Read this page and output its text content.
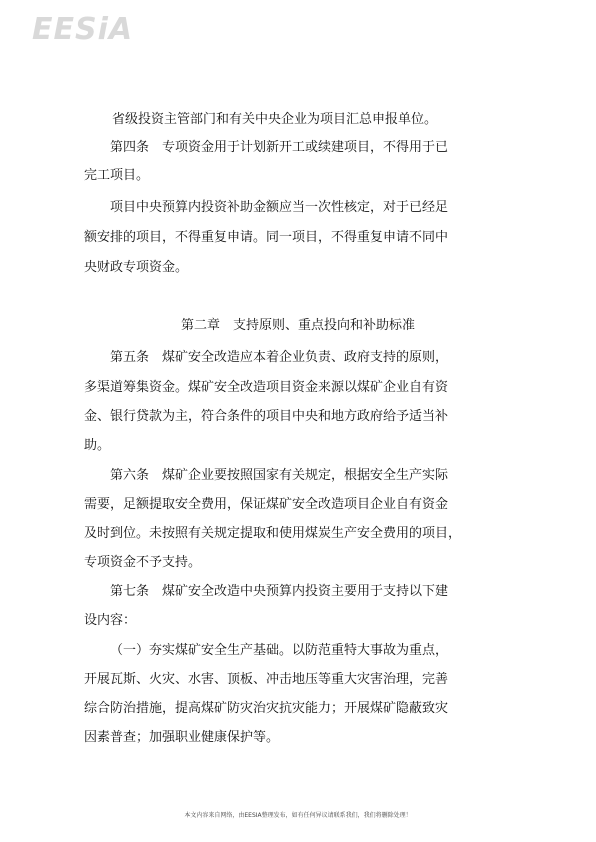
EESiA
省级投资主管部门和有关中央企业为项目汇总申报单位。
第四条　专项资金用于计划新开工或续建项目，不得用于已
完工项目。
项目中央预算内投资补助金额应当一次性核定，对于已经足
额安排的项目，不得重复申请。同一项目，不得重复申请不同中
央财政专项资金。
第二章　支持原则、重点投向和补助标准
第五条　煤矿安全改造应本着企业负责、政府支持的原则，
多渠道筹集资金。煤矿安全改造项目资金来源以煤矿企业自有资
金、银行贷款为主，符合条件的项目中央和地方政府给予适当补
助。
第六条　煤矿企业要按照国家有关规定，根据安全生产实际
需要，足额提取安全费用，保证煤矿安全改造项目企业自有资金
及时到位。未按照有关规定提取和使用煤炭生产安全费用的项目，
专项资金不予支持。
第七条　煤矿安全改造中央预算内投资主要用于支持以下建
设内容：
（一）夯实煤矿安全生产基础。以防范重特大事故为重点，
开展瓦斯、火灾、水害、顶板、冲击地压等重大灾害治理，完善
综合防治措施，提高煤矿防灾治灾抗灾能力；开展煤矿隐蔽致灾
因素普查；加强职业健康保护等。
本文内容来自网络，由EESIA整理发布，如有任何异议请联系我们，我们将删除处理！
